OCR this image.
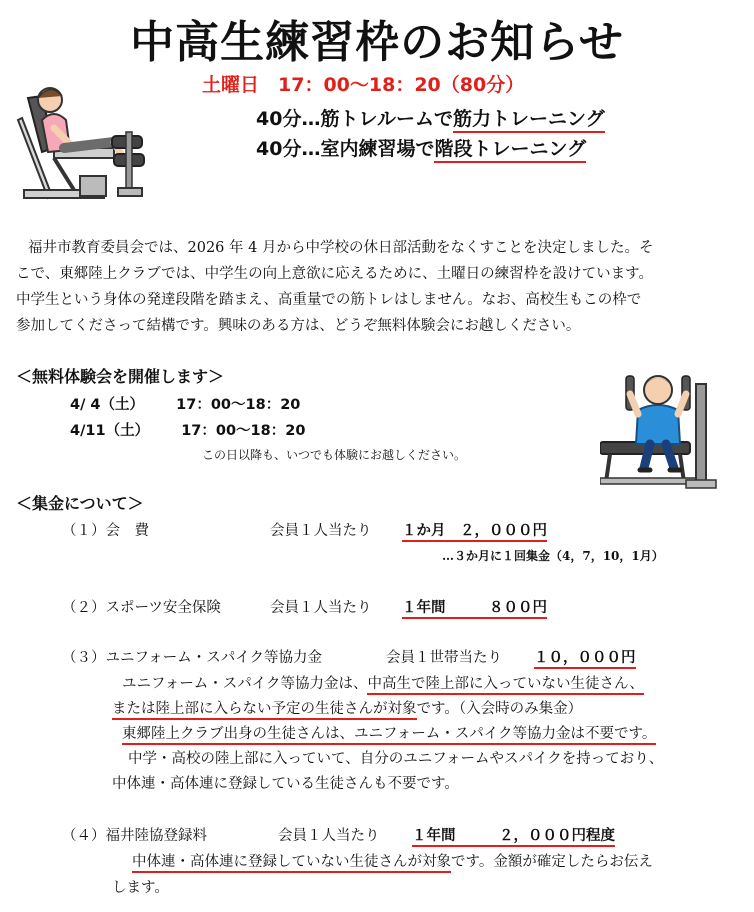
中高生練習枠のお知らせ
土曜日　17：00〜18：20（80分）
40分…筋トレルームで筋力トレーニング
40分…室内練習場で階段トレーニング
福井市教育委員会では、2026 年 4 月から中学校の休日部活動をなくすことを決定しました。そ
こで、東郷陸上クラブでは、中学生の向上意欲に応えるために、土曜日の練習枠を設けています。
中学生という身体の発達段階を踏まえ、高重量での筋トレはしません。なお、高校生もこの枠で
参加してくださって結構です。興味のある方は、どうぞ無料体験会にお越しください。
＜無料体験会を開催します＞
4/ 4（土） 17：00〜18：20
4/11（土） 17：00〜18：20
この日以降も、いつでも体験にお越しください。
＜集金について＞
（１）会　費	会員１人当たり １か月　２，０００円
…３か月に１回集金（4，7，10，1月）
（２）スポーツ安全保険	会員１人当たり １年間　　　８００円
（３）ユニフォーム・スパイク等協力金	会員１世帯当たり １０，０００円
ユニフォーム・スパイク等協力金は、中高生で陸上部に入っていない生徒さん、
または陸上部に入らない予定の生徒さんが対象です。（入会時のみ集金）
東郷陸上クラブ出身の生徒さんは、ユニフォーム・スパイク等協力金は不要です。
中学・高校の陸上部に入っていて、自分のユニフォームやスパイクを持っており、
中体連・高体連に登録している生徒さんも不要です。
（４）福井陸協登録料	会員１人当たり １年間　　　２，０００円程度
中体連・高体連に登録していない生徒さんが対象です。金額が確定したらお伝え
します。
